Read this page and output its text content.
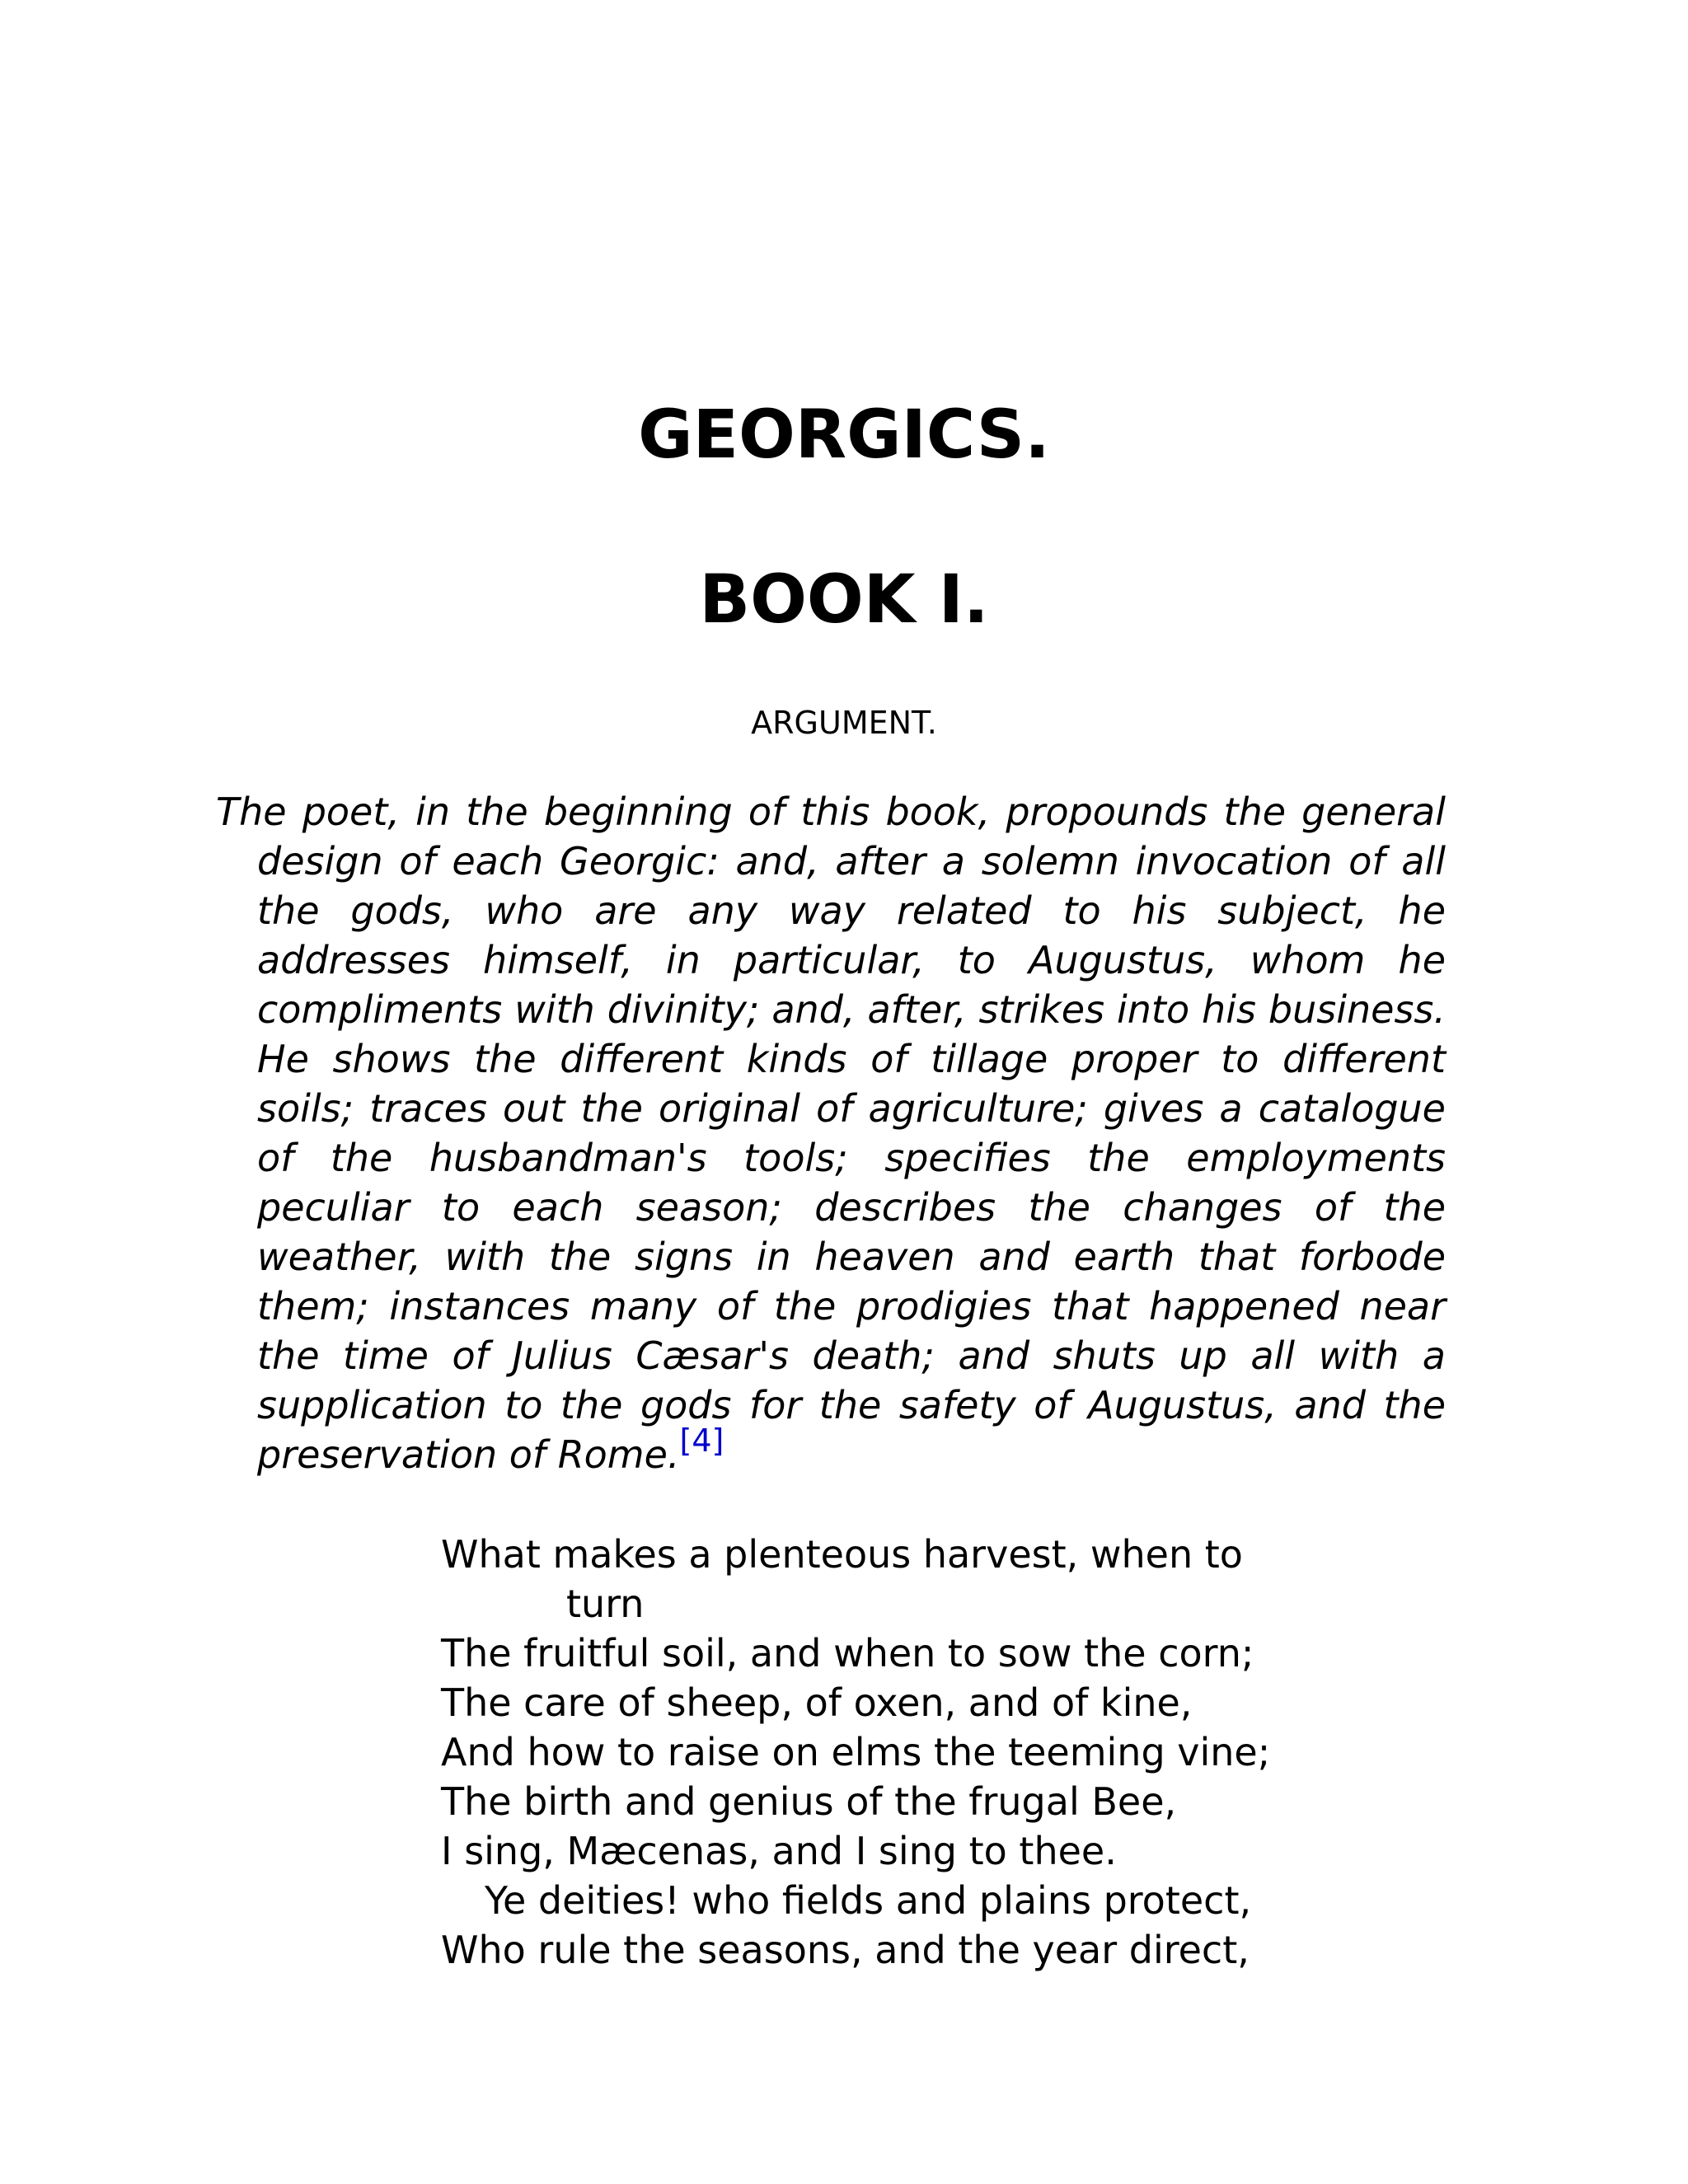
GEORGICS.
BOOK I.

ARGUMENT.

The poet, in the beginning of this book, propounds the general design of each Georgic: and, after a solemn invocation of all the gods, who are any way related to his subject, he addresses himself, in particular, to Augustus, whom he compliments with divinity; and, after, strikes into his business. He shows the different kinds of tillage proper to different soils; traces out the original of agriculture; gives a catalogue of the husbandman's tools; specifies the employments peculiar to each season; describes the changes of the weather, with the signs in heaven and earth that forbode them; instances many of the prodigies that happened near the time of Julius Cæsar's death; and shuts up all with a supplication to the gods for the safety of Augustus, and the preservation of Rome.[4]

What makes a plenteous harvest, when to
turn
The fruitful soil, and when to sow the corn;
The care of sheep, of oxen, and of kine,
And how to raise on elms the teeming vine;
The birth and genius of the frugal Bee,
I sing, Mæcenas, and I sing to thee.
Ye deities! who fields and plains protect,
Who rule the seasons, and the year direct,
